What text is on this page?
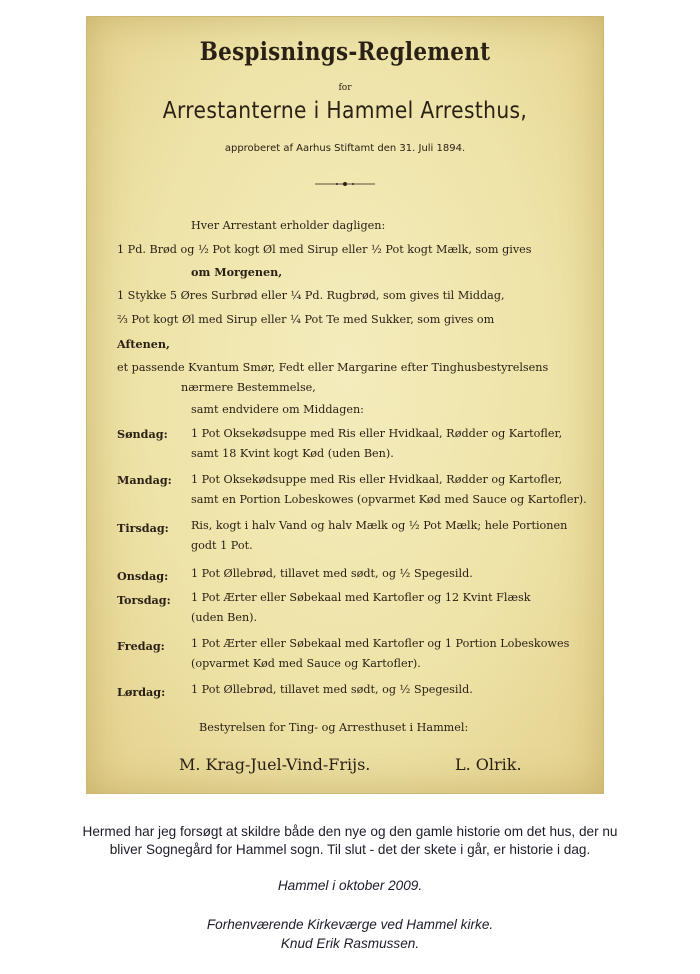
Bespisnings-Reglement
for
Arrestanterne i Hammel Arresthus,
approberet af Aarhus Stiftamt den 31. Juli 1894.
Hver Arrestant erholder dagligen:
1 Pd. Brød og ½ Pot kogt Øl med Sirup eller ½ Pot kogt Mælk, som gives
om Morgenen,
1 Stykke 5 Øres Surbrød eller ¼ Pd. Rugbrød, som gives til Middag,
⅔ Pot kogt Øl med Sirup eller ¼ Pot Te med Sukker, som gives om
Aftenen,
et passende Kvantum Smør, Fedt eller Margarine efter Tinghusbestyrelsens
nærmere Bestemmelse,
samt endvidere om Middagen:
Søndag: 1 Pot Oksekødsuppe med Ris eller Hvidkaal, Rødder og Kartofler,
samt 18 Kvint kogt Kød (uden Ben).
Mandag: 1 Pot Oksekødsuppe med Ris eller Hvidkaal, Rødder og Kartofler,
samt en Portion Lobeskowes (opvarmet Kød med Sauce og Kartofler).
Tirsdag: Ris, kogt i halv Vand og halv Mælk og ½ Pot Mælk; hele Portionen
godt 1 Pot.
Onsdag: 1 Pot Øllebrød, tillavet med sødt, og ½ Spegesild.
Torsdag: 1 Pot Ærter eller Søbekaal med Kartofler og 12 Kvint Flæsk
(uden Ben).
Fredag: 1 Pot Ærter eller Søbekaal med Kartofler og 1 Portion Lobeskowes
(opvarmet Kød med Sauce og Kartofler).
Lørdag: 1 Pot Øllebrød, tillavet med sødt, og ½ Spegesild.
Bestyrelsen for Ting- og Arresthuset i Hammel:
M. Krag-Juel-Vind-Frijs.	L. Olrik.
Hermed har jeg forsøgt at skildre både den nye og den gamle historie om det hus, der nu
bliver Sognegård for Hammel sogn. Til slut - det der skete i går, er historie i dag.
Hammel i oktober 2009.
Forhenværende Kirkeværge ved Hammel kirke.
Knud Erik Rasmussen.
